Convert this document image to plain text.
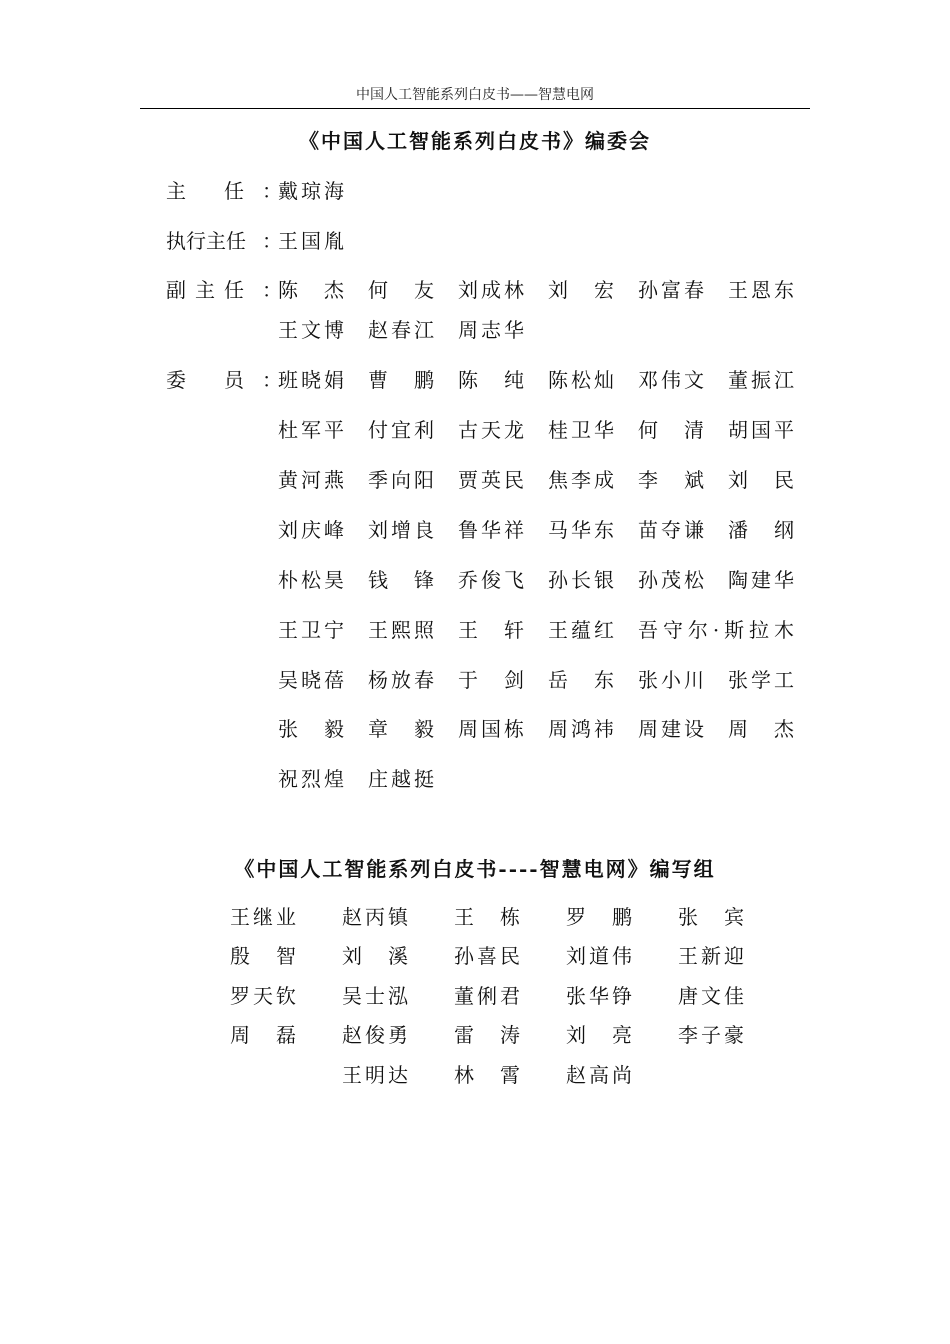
中国人工智能系列白皮书——智慧电网
《中国人工智能系列白皮书》编委会
主 任 ：
戴 琼 海
执 行 主 任 ：
王 国 胤
副 主 任 ：
陈 杰 何 友 刘 成 林 刘 宏 孙 富 春 王 恩 东
王 文 博 赵 春 江 周 志 华
委 员 ：
班 晓 娟 曹 鹏 陈 纯 陈 松 灿 邓 伟 文 董 振 江
杜 军 平 付 宜 利 古 天 龙 桂 卫 华 何 清 胡 国 平
黄 河 燕 季 向 阳 贾 英 民 焦 李 成 李 斌 刘 民
刘 庆 峰 刘 增 良 鲁 华 祥 马 华 东 苗 夺 谦 潘 纲
朴 松 昊 钱 锋 乔 俊 飞 孙 长 银 孙 茂 松 陶 建 华
王 卫 宁 王 熙 照 王 轩 王 蕴 红 吾 守 尔 · 斯 拉 木
吴 晓 蓓 杨 放 春 于 剑 岳 东 张 小 川 张 学 工
张 毅 章 毅 周 国 栋 周 鸿 祎 周 建 设 周 杰
祝 烈 煌 庄 越 挺
《中国人工智能系列白皮书----智慧电网》编写组
王 继 业 赵 丙 镇 王 栋 罗 鹏 张 宾
殷 智 刘 溪 孙 喜 民 刘 道 伟 王 新 迎
罗 天 钦 吴 士 泓 董 俐 君 张 华 铮 唐 文 佳
周 磊 赵 俊 勇 雷 涛 刘 亮 李 子 豪
王 明 达 林 霄 赵 高 尚
